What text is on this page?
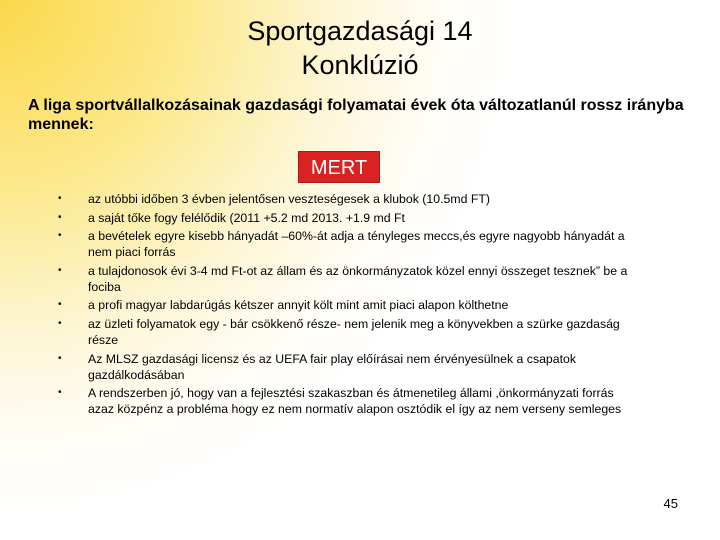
Sportgazdasági 14
Konklúzió
A liga sportvállalkozásainak gazdasági folyamatai évek óta változatlanúl rossz irányba mennek:
MERT
• az utóbbi időben 3 évben jelentősen veszteségesek a klubok (10.5md FT)
• a saját tőke fogy felélődik (2011 +5.2 md 2013. +1.9 md Ft
• a bevételek egyre kisebb hányadát –60%-át adja a tényleges meccs,és egyre nagyobb hányadát a nem piaci forrás
• a tulajdonosok évi 3-4 md Ft-ot az állam és az önkormányzatok közel ennyi összeget tesznek” be a fociba
• a profi magyar labdarúgás kétszer annyit költ mint amit piaci alapon költhetne
• az üzleti folyamatok egy - bár csökkenő része- nem jelenik meg a könyvekben a szürke gazdaság része
• Az MLSZ gazdasági licensz és az UEFA fair play előírásai nem érvényesülnek a csapatok gazdálkodásában
• A rendszerben jó, hogy van a fejlesztési szakaszban és átmenetileg állami ,önkormányzati forrás azaz közpénz a probléma hogy ez nem normatív alapon osztódik el így az nem verseny semleges
45
